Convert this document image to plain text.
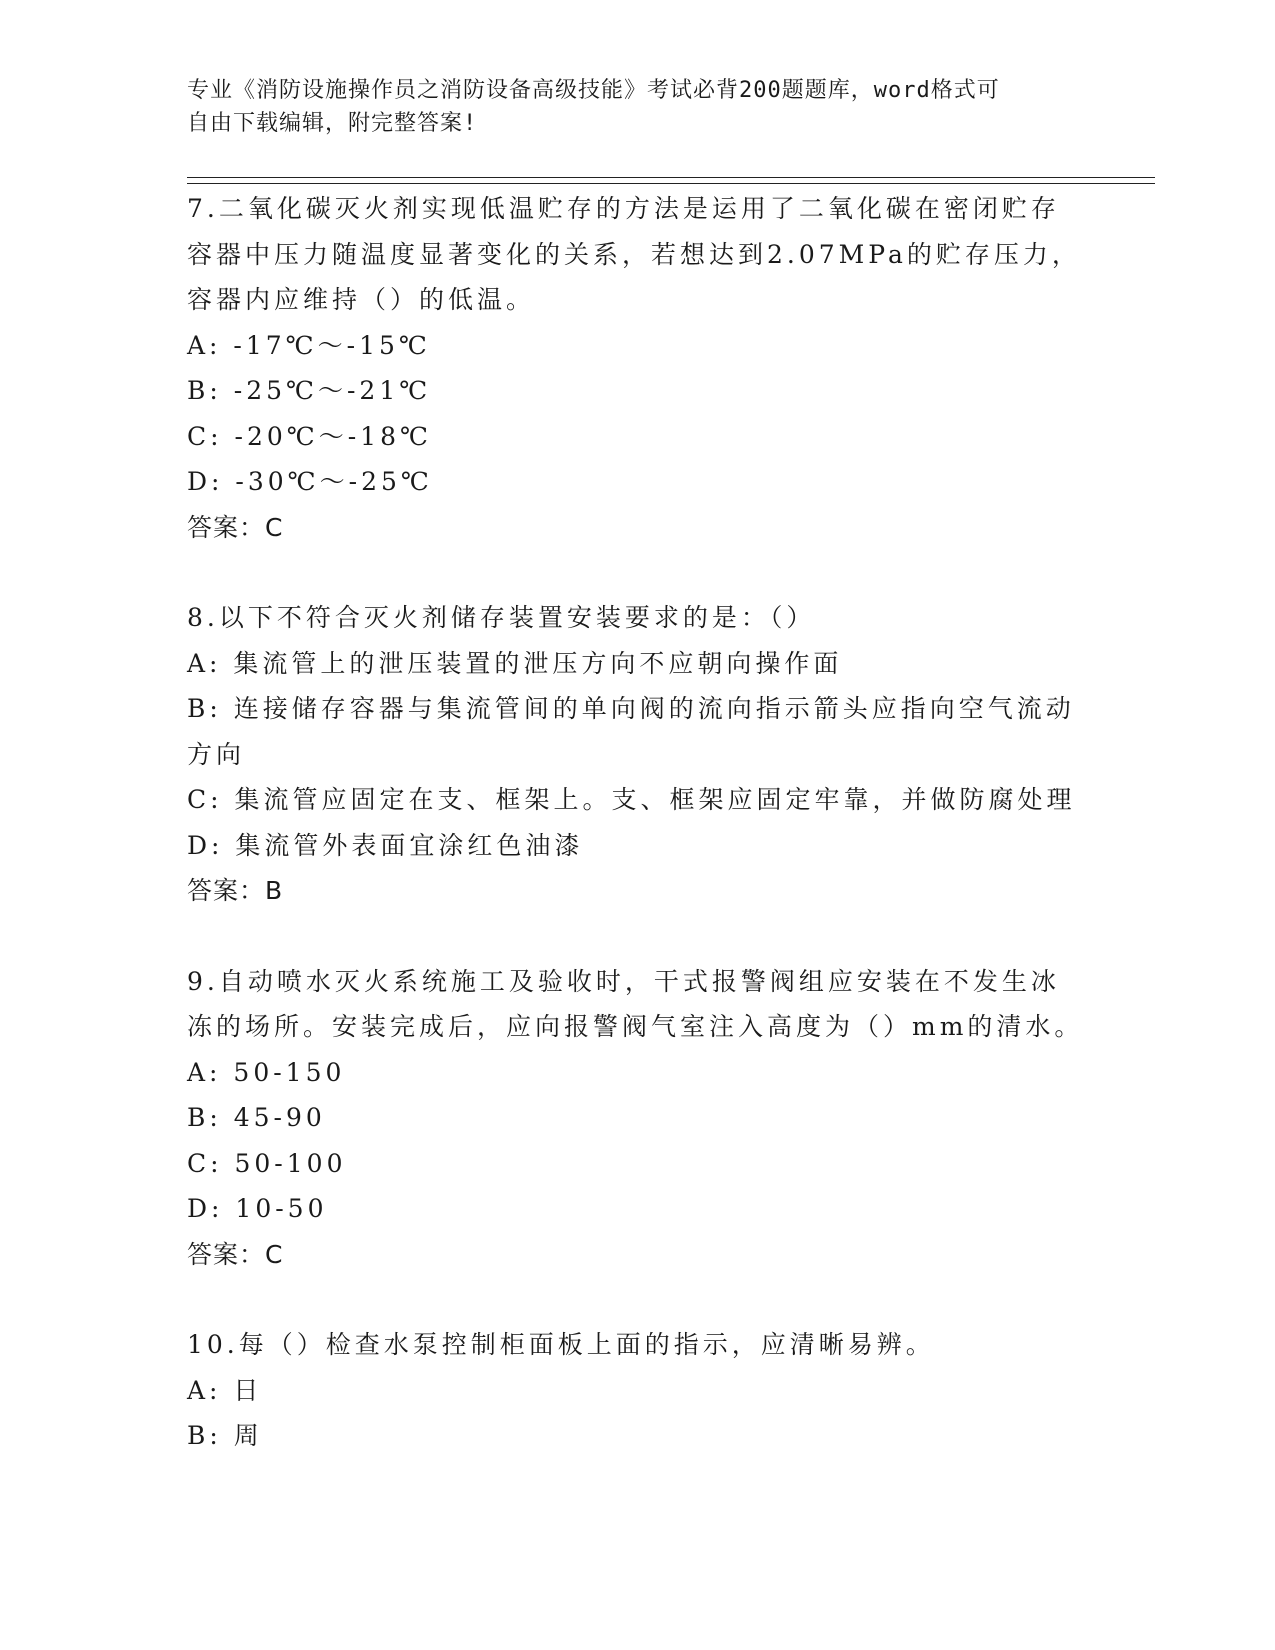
专业《消防设施操作员之消防设备高级技能》考试必背200题题库，word格式可
自由下载编辑，附完整答案!

7.二氧化碳灭火剂实现低温贮存的方法是运用了二氧化碳在密闭贮存容器中压力随温度显著变化的关系，若想达到2.07MPa的贮存压力，容器内应维持（）的低温。

A: -17℃～-15℃

B: -25℃～-21℃

C: -20℃～-18℃

D: -30℃～-25℃

答案：C

8.以下不符合灭火剂储存装置安装要求的是：（）

A: 集流管上的泄压装置的泄压方向不应朝向操作面

B: 连接储存容器与集流管间的单向阀的流向指示箭头应指向空气流动方向

C: 集流管应固定在支、框架上。支、框架应固定牢靠，并做防腐处理

D: 集流管外表面宜涂红色油漆

答案：B

9.自动喷水灭火系统施工及验收时，干式报警阀组应安装在不发生冰冻的场所。安装完成后，应向报警阀气室注入高度为（）mm的清水。

A: 50-150

B: 45-90

C: 50-100

D: 10-50

答案：C

10.每（）检查水泵控制柜面板上面的指示，应清晰易辨。

A: 日

B: 周
